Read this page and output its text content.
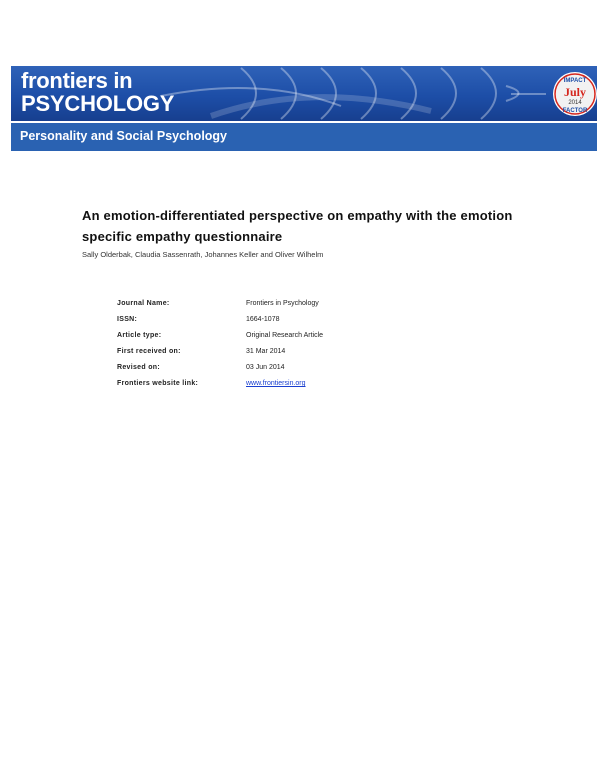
frontiers in
PSYCHOLOGY
IMPACT
July
2014
FACTOR
Personality and Social Psychology
An emotion-differentiated perspective on empathy with the emotion specific empathy questionnaire
Sally Olderbak, Claudia Sassenrath, Johannes Keller and Oliver Wilhelm
Journal Name:	Frontiers in Psychology
ISSN:	1664-1078
Article type:	Original Research Article
First received on:	31 Mar 2014
Revised on:	03 Jun 2014
Frontiers website link:	www.frontiersin.org
